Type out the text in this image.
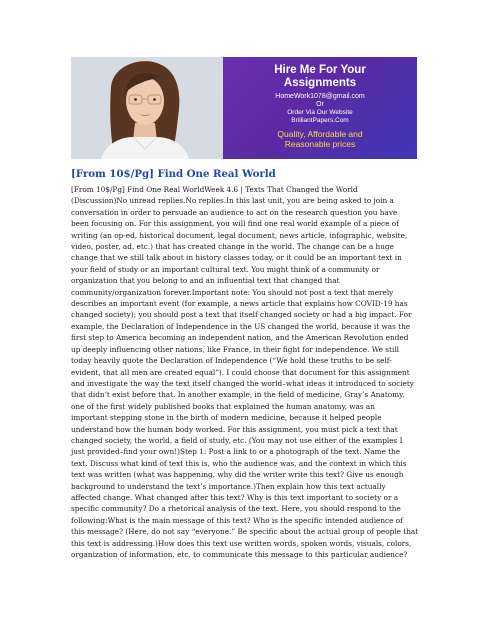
Hire Me For Your
Assignments
HomeWork1078@gmail.com
Or
Order Via Our Website
BrilliantPapers.Com
Quality, Affordable and
Reasonable prices
[From 10$/Pg] Find One Real World
[From 10$/Pg] Find One Real WorldWeek 4.6 | Texts That Changed the World
(Discussion)No unread replies.No replies.In this last unit, you are being asked to join a
conversation in order to persuade an audience to act on the research question you have
been focusing on. For this assignment, you will find one real world example of a piece of
writing (an op-ed, historical document, legal document, news article, infographic, website,
video, poster, ad, etc.) that has created change in the world. The change can be a huge
change that we still talk about in history classes today, or it could be an important text in
your field of study or an important cultural text. You might think of a community or
organization that you belong to and an influential text that changed that
community/organization forever.Important note: You should not post a text that merely
describes an important event (for example, a news article that explains how COVID-19 has
changed society); you should post a text that itself changed society or had a big impact. For
example, the Declaration of Independence in the US changed the world, because it was the
first step to America becoming an independent nation, and the American Revolution ended
up deeply influencing other nations, like France, in their fight for independence. We still
today heavily quote the Declaration of Independence (“We hold these truths to be self-
evident, that all men are created equal”). I could choose that document for this assignment
and investigate the way the text itself changed the world–what ideas it introduced to society
that didn’t exist before that. In another example, in the field of medicine, Gray’s Anatomy,
one of the first widely published books that explained the human anatomy, was an
important stepping stone in the birth of modern medicine, because it helped people
understand how the human body worked. For this assignment, you must pick a text that
changed society, the world, a field of study, etc. (You may not use either of the examples I
just provided–find your own!)Step 1: Post a link to or a photograph of the text. Name the
text. Discuss what kind of text this is, who the audience was, and the context in which this
text was written (what was happening, why did the writer write this text? Give us enough
background to understand the text’s importance.)Then explain how this text actually
affected change. What changed after this text? Why is this text important to society or a
specific community? Do a rhetorical analysis of the text. Here, you should respond to the
following:What is the main message of this text? Who is the specific intended audience of
this message? (Here, do not say “everyone.” Be specific about the actual group of people that
this text is addressing.)How does this text use written words, spoken words, visuals, colors,
organization of information, etc. to communicate this message to this particular audience?
